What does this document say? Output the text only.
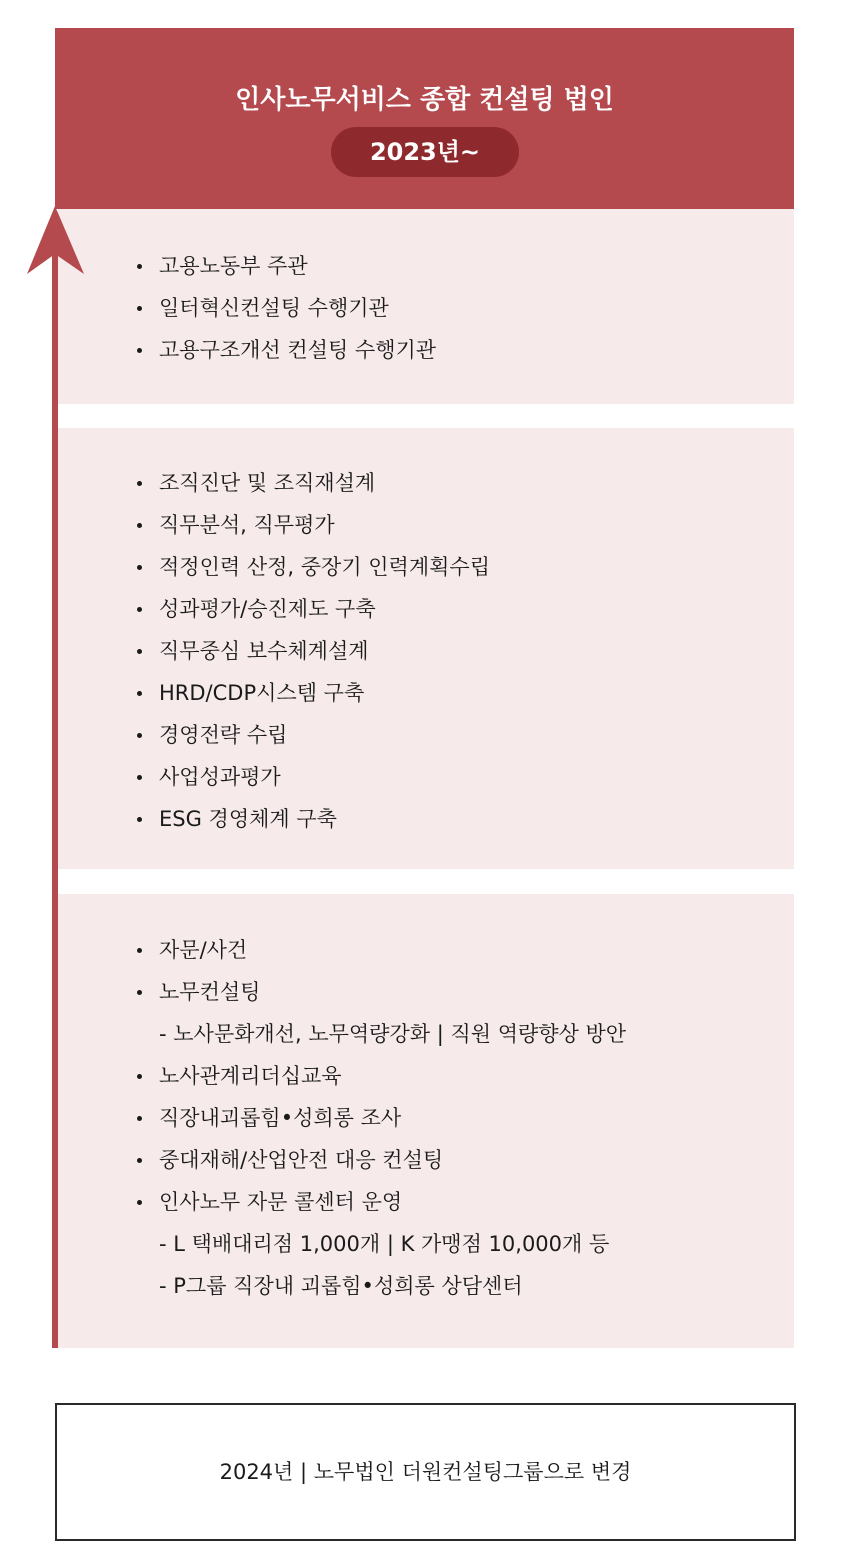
인사노무서비스 종합 컨설팅 법인
2023년~
고용노동부 주관
일터혁신컨설팅 수행기관
고용구조개선 컨설팅 수행기관
조직진단 및 조직재설계
직무분석, 직무평가
적정인력 산정, 중장기 인력계획수립
성과평가/승진제도 구축
직무중심 보수체계설계
HRD/CDP시스템 구축
경영전략 수립
사업성과평가
ESG 경영체계 구축
자문/사건
노무컨설팅
- 노사문화개선, 노무역량강화 | 직원 역량향상 방안
노사관계리더십교육
직장내괴롭힘•성희롱 조사
중대재해/산업안전 대응 컨설팅
인사노무 자문 콜센터 운영
- L 택배대리점 1,000개 | K 가맹점 10,000개 등
- P그룹 직장내 괴롭힘•성희롱 상담센터
2024년 | 노무법인 더원컨설팅그룹으로 변경
